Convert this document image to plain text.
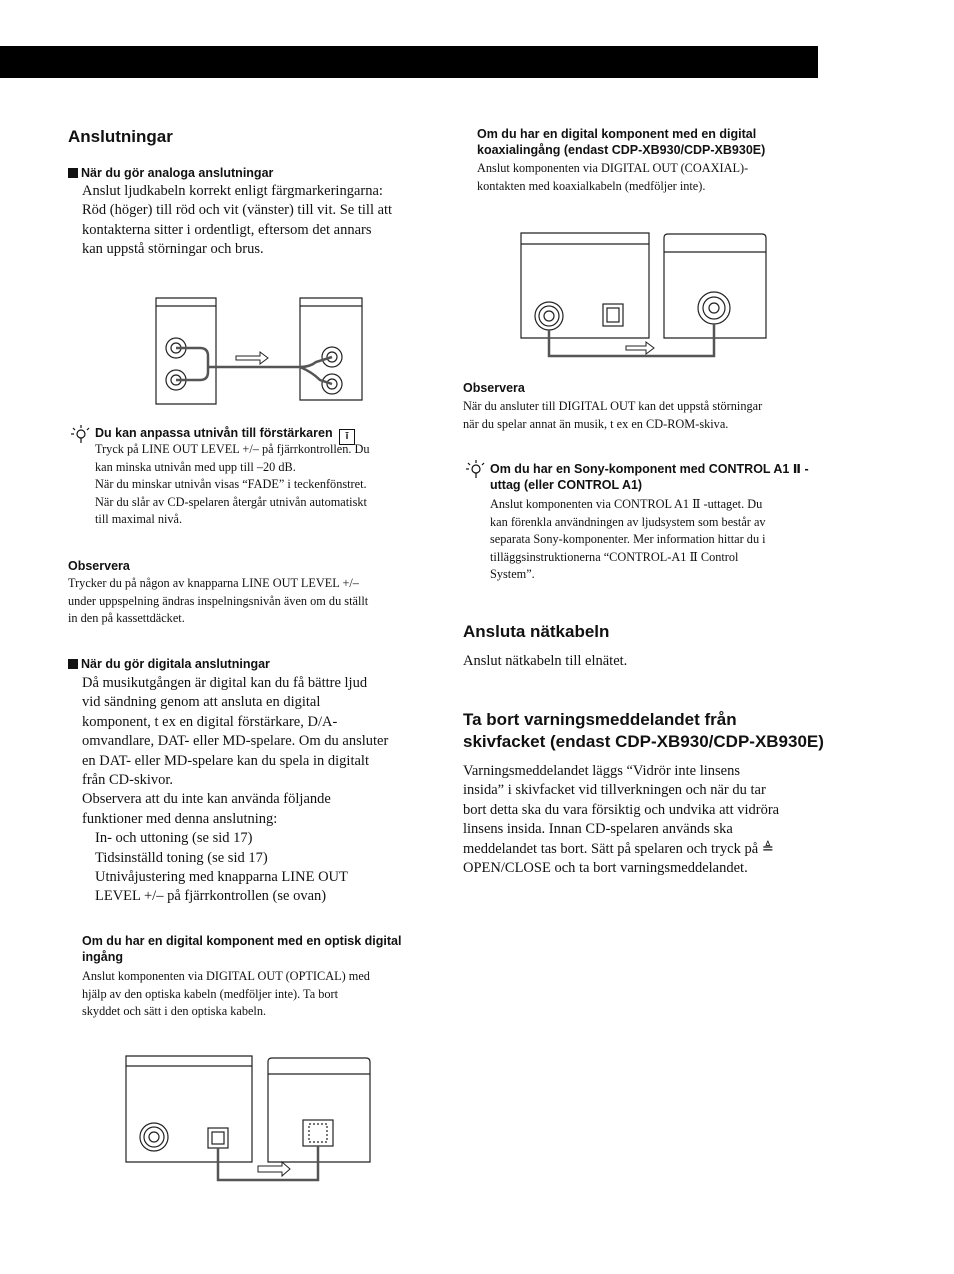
Anslutningar
När du gör analoga anslutningar
Anslut ljudkabeln korrekt enligt färgmarkeringarna:
Röd (höger) till röd och vit (vänster) till vit. Se till att
kontakterna sitter i ordentligt, eftersom det annars
kan uppstå störningar och brus.
Du kan anpassa utnivån till förstärkaren ī
Tryck på LINE OUT LEVEL +/– på fjärrkontrollen. Du
kan minska utnivån med upp till –20 dB.
När du minskar utnivån visas “FADE” i teckenfönstret.
När du slår av CD-spelaren återgår utnivån automatiskt
till maximal nivå.
Observera
Trycker du på någon av knapparna LINE OUT LEVEL +/–
under uppspelning ändras inspelningsnivån även om du ställt
in den på kassettdäcket.
När du gör digitala anslutningar
Då musikutgången är digital kan du få bättre ljud
vid sändning genom att ansluta en digital
komponent, t ex en digital förstärkare, D/A-
omvandlare, DAT- eller MD-spelare. Om du ansluter
en DAT- eller MD-spelare kan du spela in digitalt
från CD-skivor.
Observera att du inte kan använda följande
funktioner med denna anslutning:
In- och uttoning (se sid 17)
Tidsinställd toning (se sid 17)
Utnivåjustering med knapparna LINE OUT
LEVEL +/– på fjärrkontrollen (se ovan)
Om du har en digital komponent med en optisk digital
ingång
Anslut komponenten via DIGITAL OUT (OPTICAL) med
hjälp av den optiska kabeln (medföljer inte). Ta bort
skyddet och sätt i den optiska kabeln.
Om du har en digital komponent med en digital
koaxialingång (endast CDP-XB930/CDP-XB930E)
Anslut komponenten via DIGITAL OUT (COAXIAL)-
kontakten med koaxialkabeln (medföljer inte).
Observera
När du ansluter till DIGITAL OUT kan det uppstå störningar
när du spelar annat än musik, t ex en CD-ROM-skiva.
Om du har en Sony-komponent med CONTROL A1 Ⅱ -
uttag (eller CONTROL A1)
Anslut komponenten via CONTROL A1 Ⅱ -uttaget. Du
kan förenkla användningen av ljudsystem som består av
separata Sony-komponenter. Mer information hittar du i
tilläggsinstruktionerna “CONTROL-A1 Ⅱ Control
System”.
Ansluta nätkabeln
Anslut nätkabeln till elnätet.
Ta bort varningsmeddelandet från
skivfacket (endast CDP-XB930/CDP-XB930E)
Varningsmeddelandet läggs “Vidrör inte linsens
insida” i skivfacket vid tillverkningen och när du tar
bort detta ska du vara försiktig och undvika att vidröra
linsens insida. Innan CD-spelaren används ska
meddelandet tas bort. Sätt på spelaren och tryck på ≜
OPEN/CLOSE och ta bort varningsmeddelandet.
